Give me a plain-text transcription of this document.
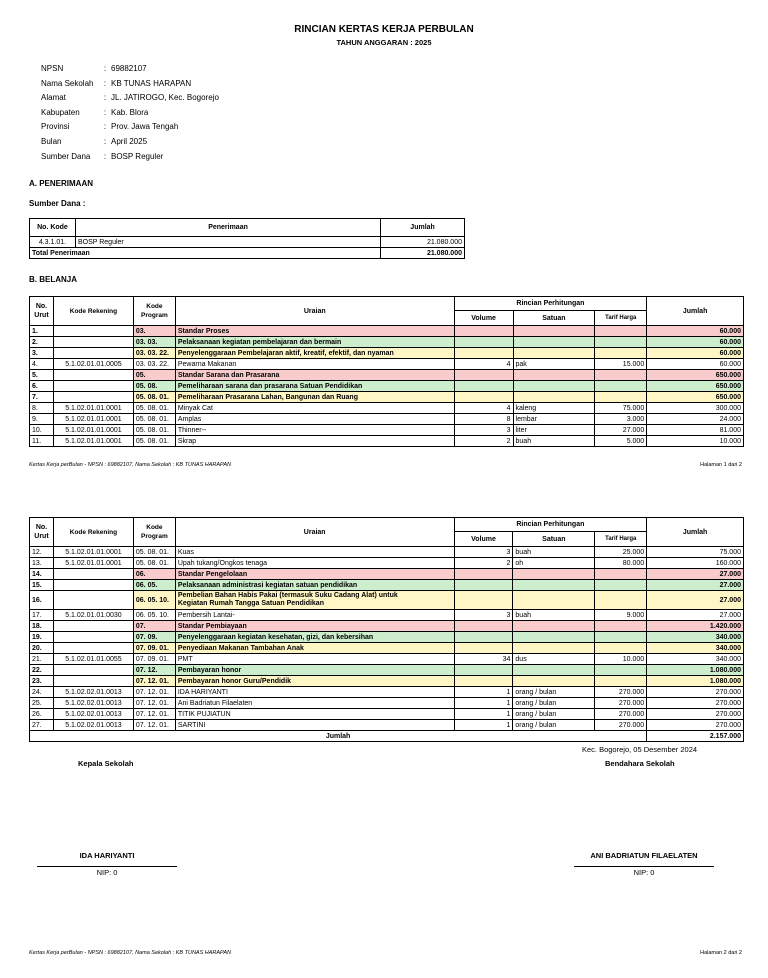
RINCIAN KERTAS KERJA PERBULAN
TAHUN ANGGARAN : 2025
NPSN	: 69882107
Nama Sekolah	: KB TUNAS HARAPAN
Alamat	: JL. JATIROGO, Kec. Bogorejo
Kabupaten	: Kab. Blora
Provinsi	: Prov. Jawa Tengah
Bulan	: April 2025
Sumber Dana	: BOSP Reguler
A. PENERIMAAN
Sumber Dana :
No. Kode	Penerimaan	Jumlah
4.3.1.01.	BOSP Reguler	21.080.000
Total Penerimaan		21.080.000
B. BELANJA
No. Urut	Kode Rekening	Kode Program	Uraian	Rincian Perhitungan			Jumlah
				Volume	Satuan	Tarif Harga	
1.		03.	Standar Proses				60.000
2.		03. 03.	Pelaksanaan kegiatan pembelajaran dan bermain				60.000
3.		03. 03. 22.	Penyelenggaraan Pembelajaran aktif, kreatif, efektif, dan nyaman				60.000
4.	5.1.02.01.01.0005	03. 03. 22.	Pewarna Makanan	4	pak	15.000	60.000
5.		05.	Standar Sarana dan Prasarana				650.000
6.		05. 08.	Pemeliharaan sarana dan prasarana Satuan Pendidikan				650.000
7.		05. 08. 01.	Pemeliharaan Prasarana Lahan, Bangunan dan Ruang				650.000
8.	5.1.02.01.01.0001	05. 08. 01.	Minyak Cat	4	kaleng	75.000	300.000
9.	5.1.02.01.01.0001	05. 08. 01.	Amplas	8	lembar	3.000	24.000
10.	5.1.02.01.01.0001	05. 08. 01.	Thinner--	3	liter	27.000	81.000
11.	5.1.02.01.01.0001	05. 08. 01.	Skrap	2	buah	5.000	10.000
Kertas Kerja perBulan - NPSN : 69882107, Nama Sekolah : KB TUNAS HARAPAN	Halaman 1 dari 2
No. Urut	Kode Rekening	Kode Program	Uraian	Rincian Perhitungan			Jumlah
				Volume	Satuan	Tarif Harga	
12.	5.1.02.01.01.0001	05. 08. 01.	Kuas	3	buah	25.000	75.000
13.	5.1.02.01.01.0001	05. 08. 01.	Upah tukang/Ongkos tenaga	2	oh	80.000	160.000
14.		06.	Standar Pengelolaan				27.000
15.		06. 05.	Pelaksanaan administrasi kegiatan satuan pendidikan				27.000
16.		06. 05. 10.	Pembelian Bahan Habis Pakai (termasuk Suku Cadang Alat) untuk
Kegiatan Rumah Tangga Satuan Pendidikan				27.000
17.	5.1.02.01.01.0030	06. 05. 10.	Pembersih Lantai-	3	buah	9.000	27.000
18.		07.	Standar Pembiayaan				1.420.000
19.		07. 09.	Penyelenggaraan kegiatan kesehatan, gizi, dan kebersihan				340.000
20.		07. 09. 01.	Penyediaan Makanan Tambahan Anak				340.000
21.	5.1.02.01.01.0055	07. 09. 01.	PMT	34	dus	10.000	340.000
22.		07. 12.	Pembayaran honor				1.080.000
23.		07. 12. 01.	Pembayaran honor Guru/Pendidik				1.080.000
24.	5.1.02.02.01.0013	07. 12. 01.	IDA HARIYANTI	1	orang / bulan	270.000	270.000
25.	5.1.02.02.01.0013	07. 12. 01.	Ani Badriatun Filaelaten	1	orang / bulan	270.000	270.000
26.	5.1.02.02.01.0013	07. 12. 01.	TITIK PUJIATUN	1	orang / bulan	270.000	270.000
27.	5.1.02.02.01.0013	07. 12. 01.	SARTINI	1	orang / bulan	270.000	270.000
Jumlah							2.157.000
Kec. Bogorejo, 05 Desember 2024
Kepala Sekolah	Bendahara Sekolah
IDA HARIYANTI
NIP: 0
ANI BADRIATUN FILAELATEN
NIP: 0
Kertas Kerja perBulan - NPSN : 69882107, Nama Sekolah : KB TUNAS HARAPAN	Halaman 2 dari 2
